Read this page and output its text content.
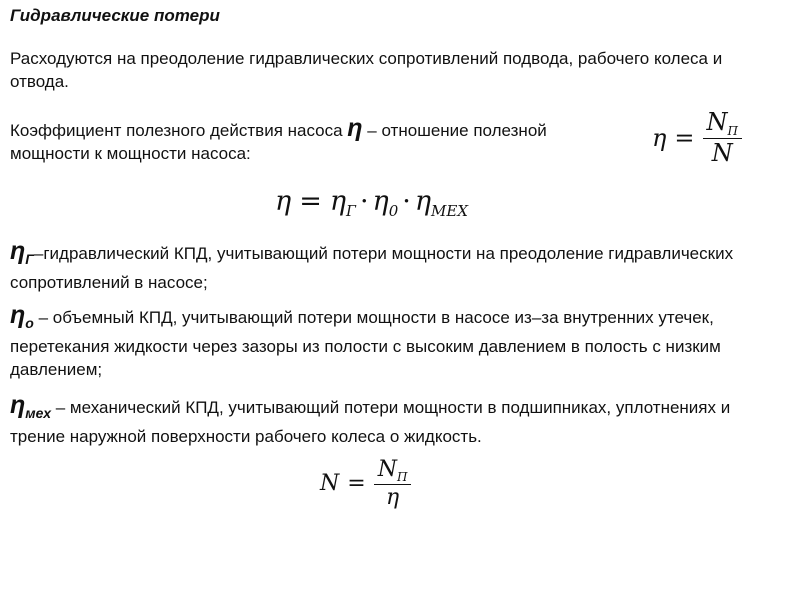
Гидравлические потери
Расходуются на преодоление гидравлических сопротивлений подвода, рабочего колеса и отвода.
Коэффициент полезного действия насоса η – отношение полезной мощности к мощности насоса:
$\eta = \frac{N_П}{N}$
$\eta = \eta_Г \cdot \eta_0 \cdot \eta_{МЕХ}$
$\eta_Г$–гидравлический КПД, учитывающий потери мощности на преодоление гидравлических сопротивлений в насосе;
$\eta_о$ – объемный КПД, учитывающий потери мощности в насосе из–за внутренних утечек, перетекания жидкости через зазоры из полости с высоким давлением в полость с низким давлением;
$\eta_{мех}$ – механический КПД, учитывающий потери мощности в подшипниках, уплотнениях и трение наружной поверхности рабочего колеса о жидкость.
$N = \frac{N_П}{\eta}$
